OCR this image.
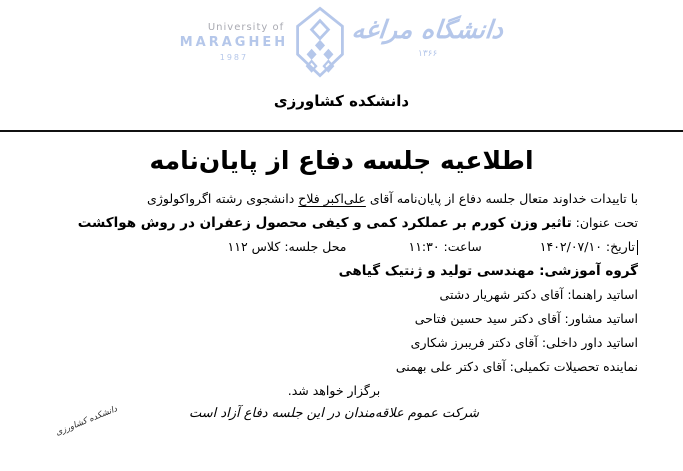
University of
MARAGHEH
1987
دانشگاه مراغه
۱۳۶۶
دانشکده کشاورزی
اطلاعیه جلسه دفاع از پایان‌نامه
با تاییدات خداوند متعال جلسه دفاع از پایان‌نامه آقای علی‌اکبر فلاح دانشجوی رشته اگرواکولوژی
تحت عنوان: تاثیر وزن کورم بر عملکرد کمی و کیفی محصول زعفران در روش هواکشت
تاریخ: ۱۴۰۲/۰۷/۱۰
ساعت: ۱۱:۳۰
محل جلسه: کلاس ۱۱۲
گروه آموزشی: مهندسی تولید و ژنتیک گیاهی
اساتید راهنما: آقای دکتر شهریار دشتی
اساتید مشاور: آقای دکتر سید حسین فتاحی
اساتید داور داخلی: آقای دکتر فریبرز شکاری
نماینده تحصیلات تکمیلی: آقای دکتر علی بهمنی
برگزار خواهد شد.
شرکت عموم علاقه‌مندان در این جلسه دفاع آزاد است
دانشکده کشاورزی
